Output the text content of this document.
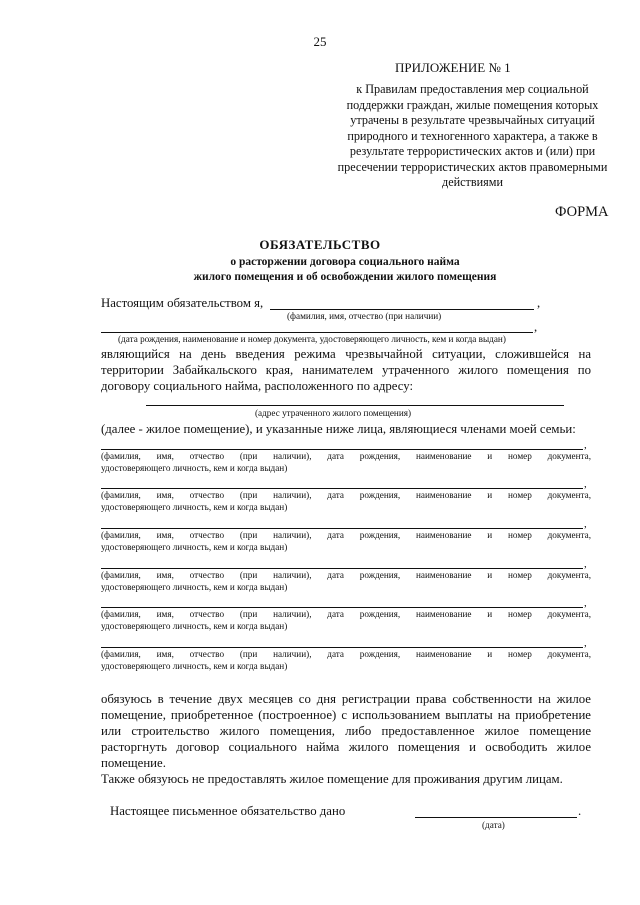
25
ПРИЛОЖЕНИЕ № 1
к Правилам предоставления мер социальной
поддержки граждан, жилые помещения которых
утрачены в результате чрезвычайных ситуаций
природного и техногенного характера, а также в
результате террористических актов и (или) при
пресечении террористических актов правомерными
действиями
ФОРМА
ОБЯЗАТЕЛЬСТВО
о расторжении договора социального найма
жилого помещения и об освобождении жилого помещения
Настоящим обязательством я,	,
(фамилия, имя, отчество (при наличии)
,
(дата рождения, наименование и номер документа, удостоверяющего личность, кем и когда выдан)
являющийся на день введения режима чрезвычайной ситуации, сложившейся на
территории Забайкальского края, нанимателем утраченного жилого помещения по
договору социального найма, расположенного по адресу:
(адрес утраченного жилого помещения)
(далее - жилое помещение), и указанные ниже лица, являющиеся членами моей семьи:
,
(фамилия, имя, отчество (при наличии), дата рождения, наименование и номер документа,
удостоверяющего личность, кем и когда выдан)
,
(фамилия, имя, отчество (при наличии), дата рождения, наименование и номер документа,
удостоверяющего личность, кем и когда выдан)
,
(фамилия, имя, отчество (при наличии), дата рождения, наименование и номер документа,
удостоверяющего личность, кем и когда выдан)
,
(фамилия, имя, отчество (при наличии), дата рождения, наименование и номер документа,
удостоверяющего личность, кем и когда выдан)
,
(фамилия, имя, отчество (при наличии), дата рождения, наименование и номер документа,
удостоверяющего личность, кем и когда выдан)
,
(фамилия, имя, отчество (при наличии), дата рождения, наименование и номер документа,
удостоверяющего личность, кем и когда выдан)
обязуюсь в течение двух месяцев со дня регистрации права собственности на жилое
помещение, приобретенное (построенное) с использованием выплаты на приобретение
или строительство жилого помещения, либо предоставленное жилое помещение
расторгнуть договор социального найма жилого помещения и освободить жилое
помещение.
Также обязуюсь не предоставлять жилое помещение для проживания другим лицам.
Настоящее письменное обязательство дано	.
(дата)
